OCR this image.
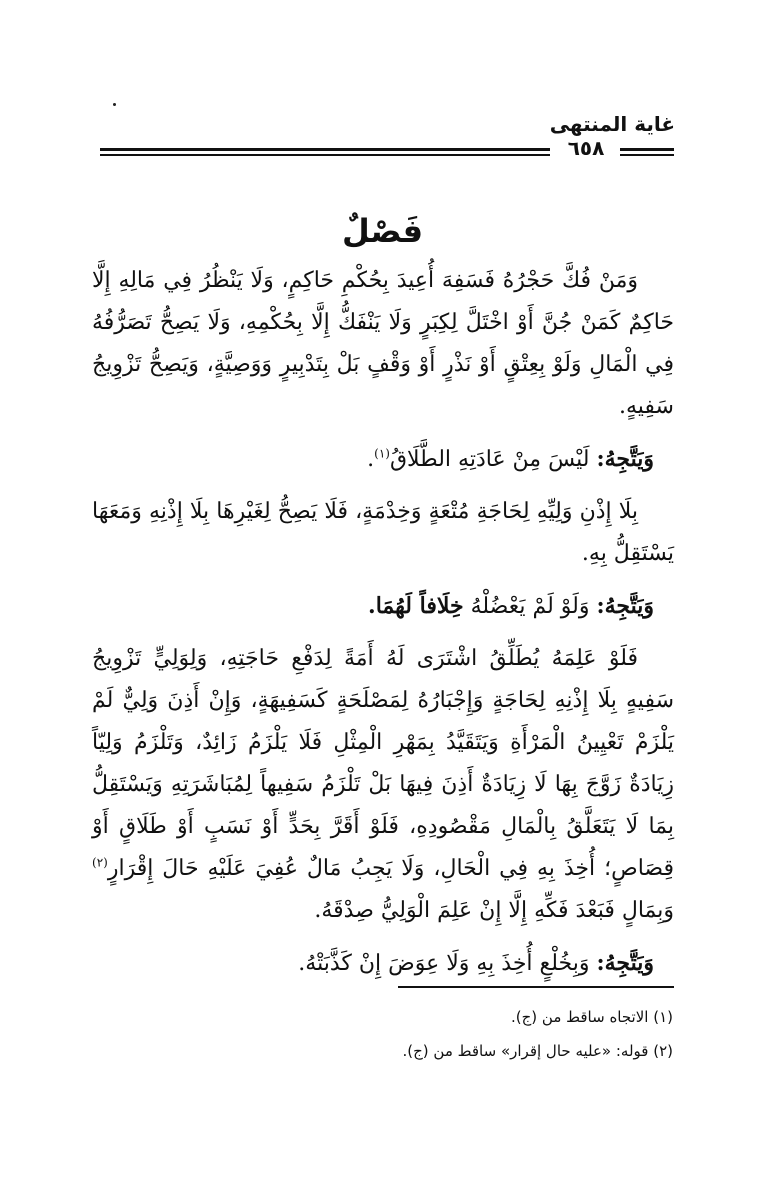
غاية المنتهى
٦٥٨
فَصْلٌ

وَمَنْ فُكَّ حَجْرُهُ فَسَفِهَ أُعِيدَ بِحُكْمِ حَاكِمٍ، وَلَا يَنْظُرُ فِي مَالِهِ إِلَّا حَاكِمٌ كَمَنْ جُنَّ أَوْ اخْتَلَّ لِكِبَرٍ وَلَا يَنْفَكُّ إِلَّا بِحُكْمِهِ، وَلَا يَصِحُّ تَصَرُّفُهُ فِي الْمَالِ وَلَوْ بِعِتْقٍ أَوْ نَذْرٍ أَوْ وَقْفٍ بَلْ بِتَدْبِيرٍ وَوَصِيَّةٍ، وَيَصِحُّ تَزْوِيجُ سَفِيهٍ.

وَيَتَّجِهُ: لَيْسَ مِنْ عَادَتِهِ الطَّلَاقُ$^{(١)}$.

بِلَا إِذْنِ وَلِيِّهِ لِحَاجَةِ مُتْعَةٍ وَخِدْمَةٍ، فَلَا يَصِحُّ لِغَيْرِهَا بِلَا إِذْنِهِ وَمَعَهَا يَسْتَقِلُّ بِهِ.

وَيَتَّجِهُ: وَلَوْ لَمْ يَعْضُلْهُ خِلَافاً لَهُمَا.

فَلَوْ عَلِمَهُ يُطَلِّقُ اشْتَرَى لَهُ أَمَةً لِدَفْعِ حَاجَتِهِ، وَلِوَلِيٍّ تَزْوِيجُ سَفِيهٍ بِلَا إِذْنِهِ لِحَاجَةٍ وَإِجْبَارُهُ لِمَصْلَحَةٍ كَسَفِيهَةٍ، وَإِنْ أَذِنَ وَلِيٌّ لَمْ يَلْزَمْ تَعْيِينُ الْمَرْأَةِ وَيَتَقَيَّدُ بِمَهْرِ الْمِثْلِ فَلَا يَلْزَمُ زَائِدٌ، وَتَلْزَمُ وَلِيّاً زِيَادَةٌ زَوَّجَ بِهَا لَا زِيَادَةٌ أَذِنَ فِيهَا بَلْ تَلْزَمُ سَفِيهاً لِمُبَاشَرَتِهِ وَيَسْتَقِلُّ بِمَا لَا يَتَعَلَّقُ بِالْمَالِ مَقْصُودِهِ، فَلَوْ أَقَرَّ بِحَدٍّ أَوْ نَسَبٍ أَوْ طَلَاقٍ أَوْ قِصَاصٍ؛ أُخِذَ بِهِ فِي الْحَالِ، وَلَا يَجِبُ مَالٌ عُفِيَ عَلَيْهِ حَالَ إِقْرَارٍ$^{(٢)}$ وَبِمَالٍ فَبَعْدَ فَكِّهِ إِلَّا إِنْ عَلِمَ الْوَلِيُّ صِدْقَهُ.

وَيَتَّجِهُ: وَبِخُلْعٍ أُخِذَ بِهِ وَلَا عِوَضَ إِنْ كَذَّبَتْهُ.

(١) الاتجاه ساقط من (ج).
(٢) قوله: «عليه حال إقرار» ساقط من (ج).
